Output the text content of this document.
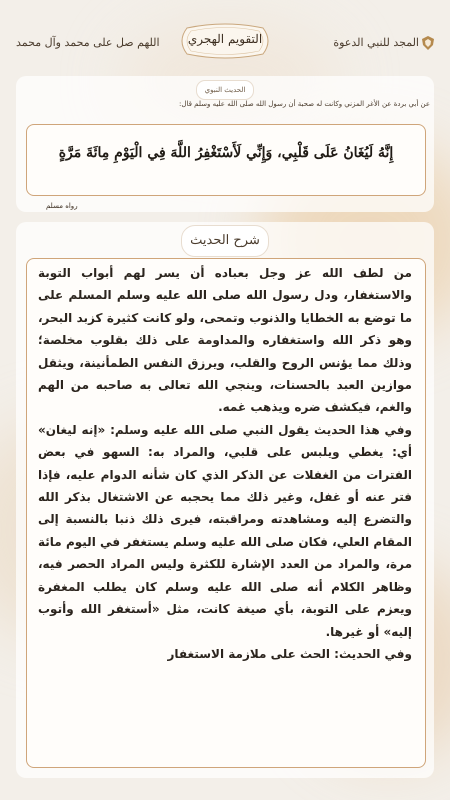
المجد للنبي الدعوة
التقويم الهجري
اللهم صل على محمد وآل محمد
الحديث النبوي
عن أبي بردة عن الأغر المزني وكانت له صحبة أن رسول الله صلى الله عليه وسلم قال:
إِنَّهُ لَيُغَانُ عَلَى قَلْبِي، وَإِنِّي لَأَسْتَغْفِرُ اللَّهَ فِي الْيَوْمِ مِائَةَ مَرَّةٍ
رواه مسلم
شرح الحديث

من لطف الله عز وجل بعباده أن يسر لهم أبواب التوبة والاستغفار، ودل رسول الله صلى الله عليه وسلم المسلم على ما توضع به الخطايا والذنوب وتمحى، ولو كانت كثيرة كزبد البحر، وهو ذكر الله واستغفاره والمداومة على ذلك بقلوب مخلصة؛ وذلك مما يؤنس الروح والقلب، ويرزق النفس الطمأنينة، ويثقل موازين العبد بالحسنات، وينجي الله تعالى به صاحبه من الهم والغم، فيكشف ضره ويذهب غمه.

وفي هذا الحديث يقول النبي صلى الله عليه وسلم: «إنه ليغان» أي: يغطي ويلبس على قلبي، والمراد به: السهو في بعض الفترات من الغفلات عن الذكر الذي كان شأنه الدوام عليه، فإذا فتر عنه أو غفل، وغير ذلك مما يحجبه عن الاشتغال بذكر الله والتضرع إليه ومشاهدته ومراقبته، فيرى ذلك ذنبا بالنسبة إلى المقام العلي، فكان صلى الله عليه وسلم يستغفر في اليوم مائة مرة، والمراد من العدد الإشارة للكثرة وليس المراد الحصر فيه، وظاهر الكلام أنه صلى الله عليه وسلم كان يطلب المغفرة ويعزم على التوبة، بأي صيغة كانت، مثل «أستغفر الله وأتوب إليه» أو غيرها.

وفي الحديث: الحث على ملازمة الاستغفار
